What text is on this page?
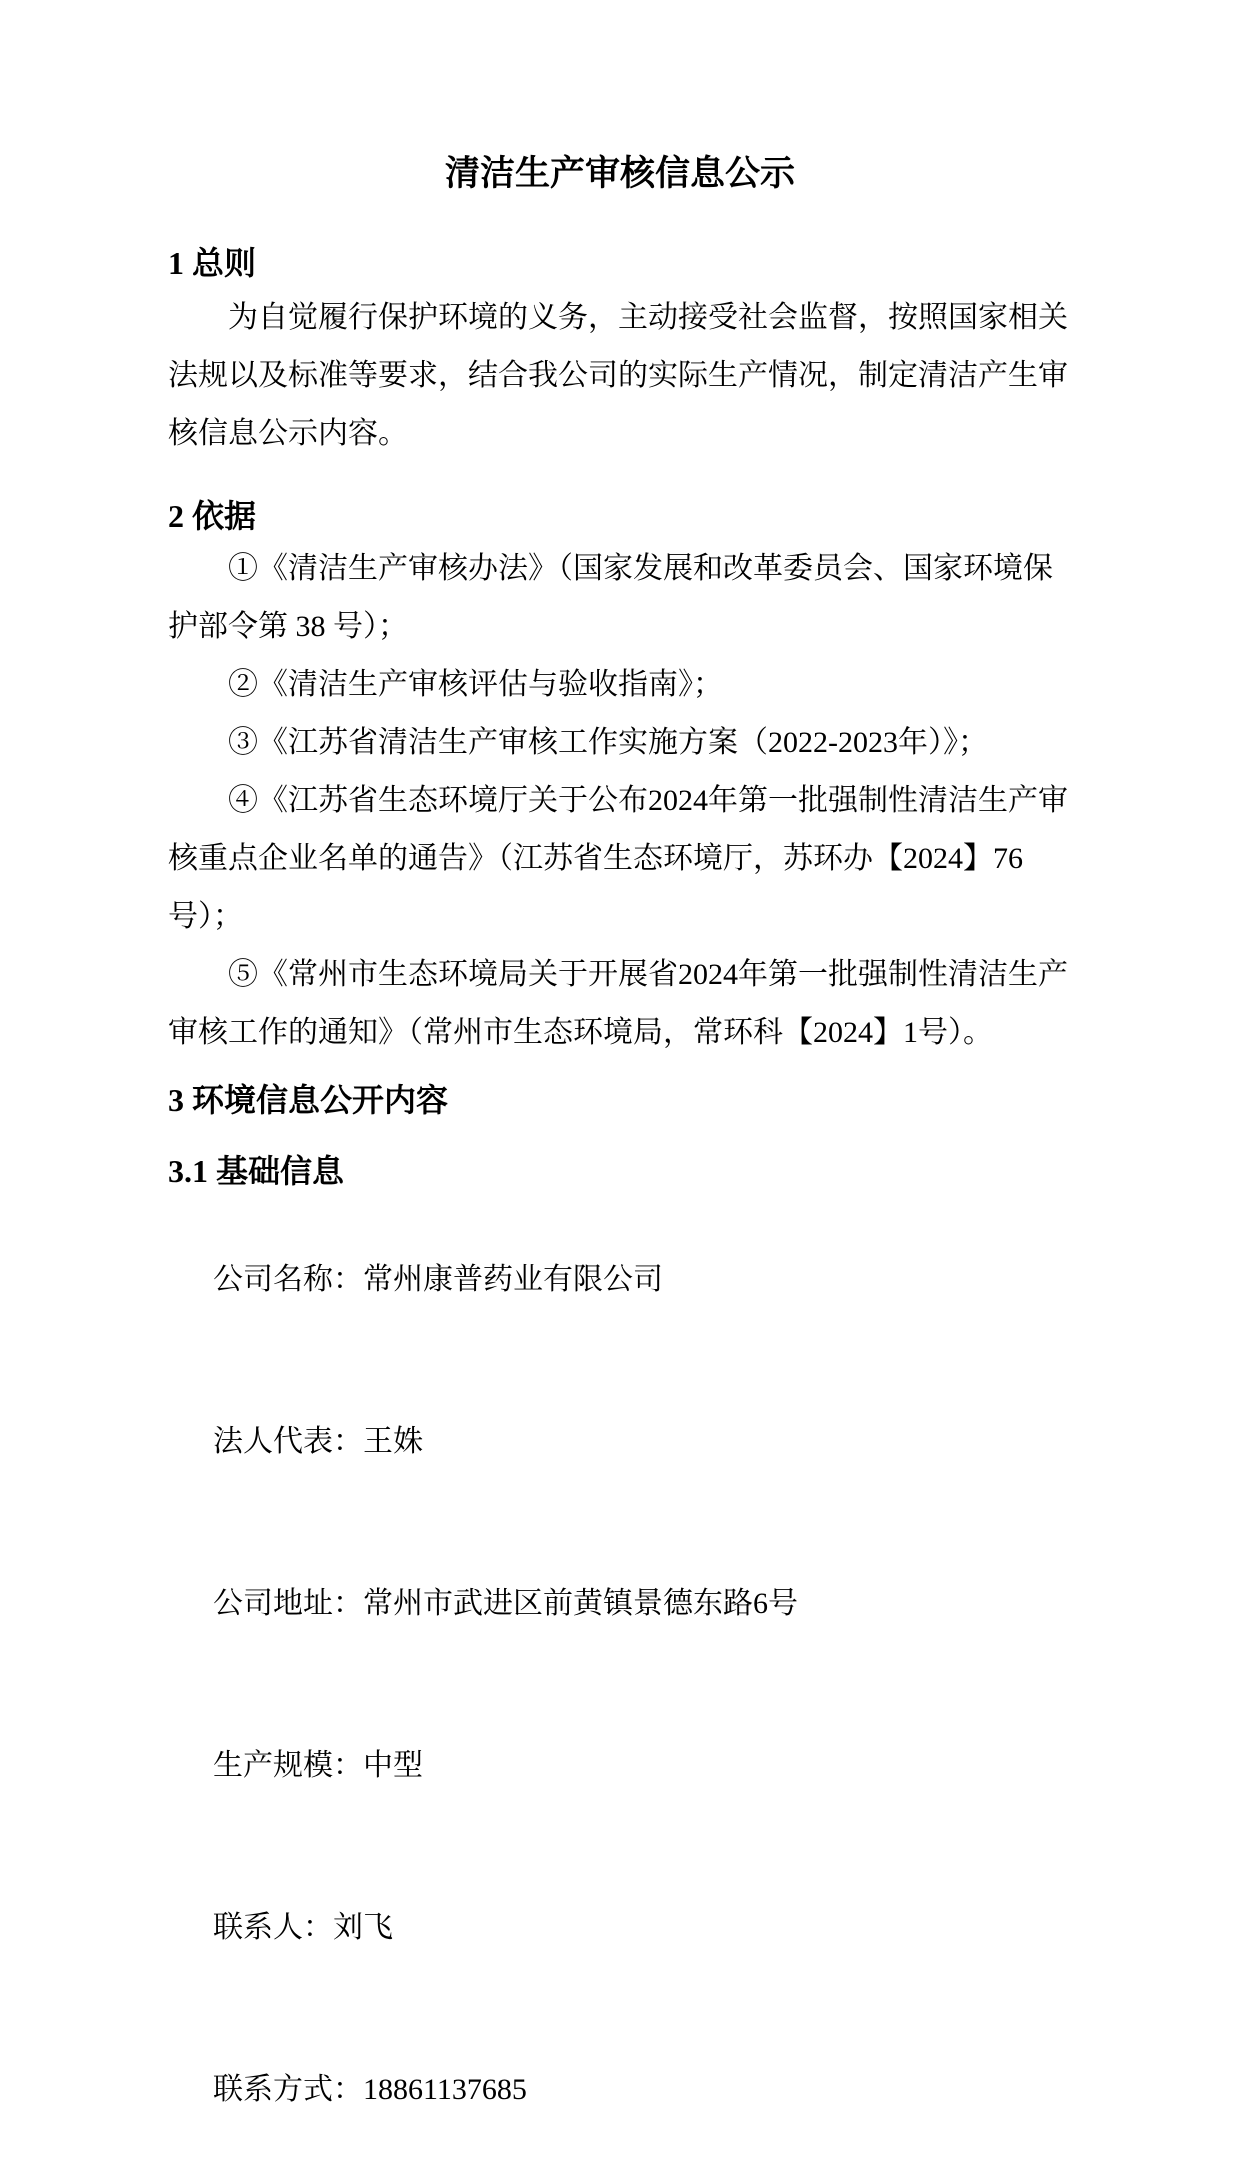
清洁生产审核信息公示
1 总则
为自觉履行保护环境的义务，主动接受社会监督，按照国家相关
法规以及标准等要求，结合我公司的实际生产情况，制定清洁产生审
核信息公示内容。
2 依据
①《清洁生产审核办法》（国家发展和改革委员会、国家环境保
护部令第 38 号）；
②《清洁生产审核评估与验收指南》；
③《江苏省清洁生产审核工作实施方案（2022-2023年）》；
④《江苏省生态环境厅关于公布2024年第一批强制性清洁生产审
核重点企业名单的通告》（江苏省生态环境厅，苏环办【2024】76
号）；
⑤《常州市生态环境局关于开展省2024年第一批强制性清洁生产
审核工作的通知》（常州市生态环境局，常环科【2024】1号）。
3 环境信息公开内容
3.1 基础信息

公司名称：常州康普药业有限公司

法人代表：王姝

公司地址：常州市武进区前黄镇景德东路6号

生产规模：中型

联系人：刘飞

联系方式：18861137685
